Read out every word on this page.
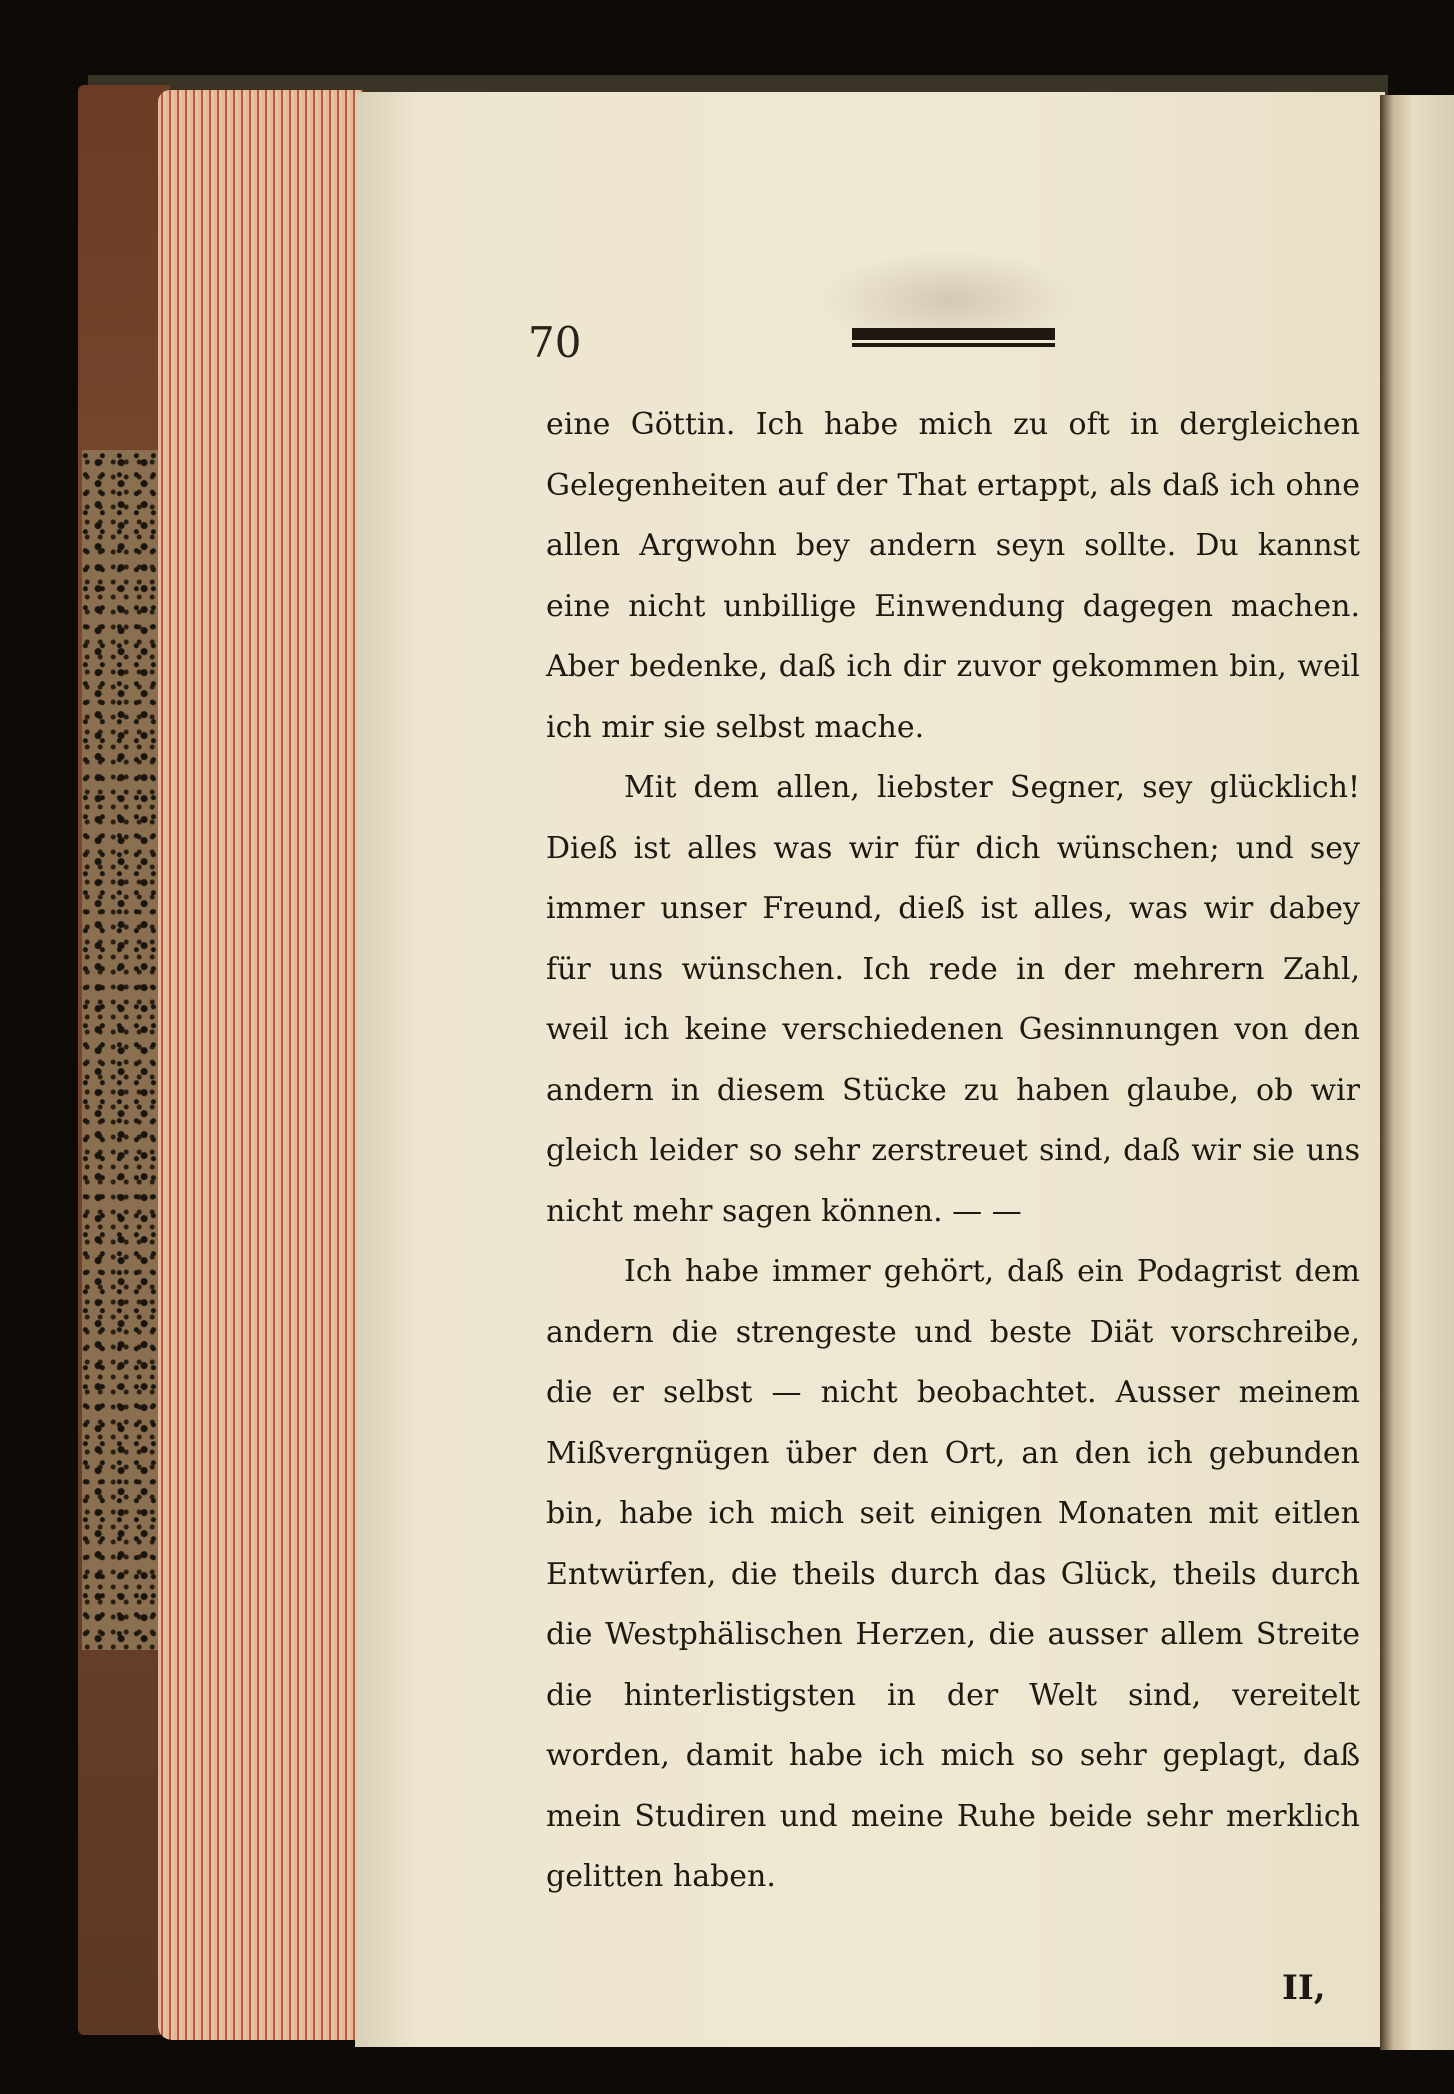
70

eine Göttin. Ich habe mich zu oft in dergleichen Gelegenheiten auf der That ertappt, als daß ich ohne allen Argwohn bey andern seyn sollte. Du kannst eine nicht unbillige Einwendung dagegen machen. Aber bedenke, daß ich dir zuvor gekommen bin, weil ich mir sie selbst mache.

Mit dem allen, liebster Segner, sey glücklich! Dieß ist alles was wir für dich wünschen; und sey immer unser Freund, dieß ist alles, was wir dabey für uns wünschen. Ich rede in der mehrern Zahl, weil ich keine verschiedenen Gesinnungen von den andern in diesem Stücke zu haben glaube, ob wir gleich leider so sehr zerstreuet sind, daß wir sie uns nicht mehr sagen können. — —

Ich habe immer gehört, daß ein Podagrist dem andern die strengeste und beste Diät vorschreibe, die er selbst — nicht beobachtet. Ausser meinem Mißvergnügen über den Ort, an den ich gebunden bin, habe ich mich seit einigen Monaten mit eitlen Entwürfen, die theils durch das Glück, theils durch die Westphälischen Herzen, die ausser allem Streite die hinterlistigsten in der Welt sind, vereitelt worden, damit habe ich mich so sehr geplagt, daß mein Studiren und meine Ruhe beide sehr merklich gelitten haben.

II,
